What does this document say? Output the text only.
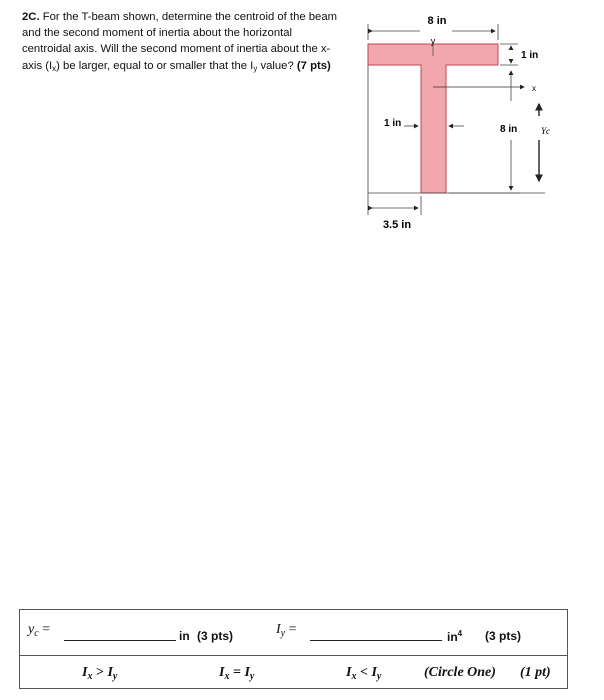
2C. For the T-beam shown, determine the centroid of the beam and the second moment of inertia about the horizontal centroidal axis. Will the second moment of inertia about the x-axis $(I_x)$ be larger, equal to or smaller that the $I_y$ value? (7 pts)
8 in
y
1 in
x
1 in
8 in	Yc
3.5 in
$y_c$ =	in (3 pts)	$I_y$ =	$in^4$ (3 pts)
$I_x > I_y$	$I_x = I_y$	$I_x < I_y$	(Circle One) (1 pt)
